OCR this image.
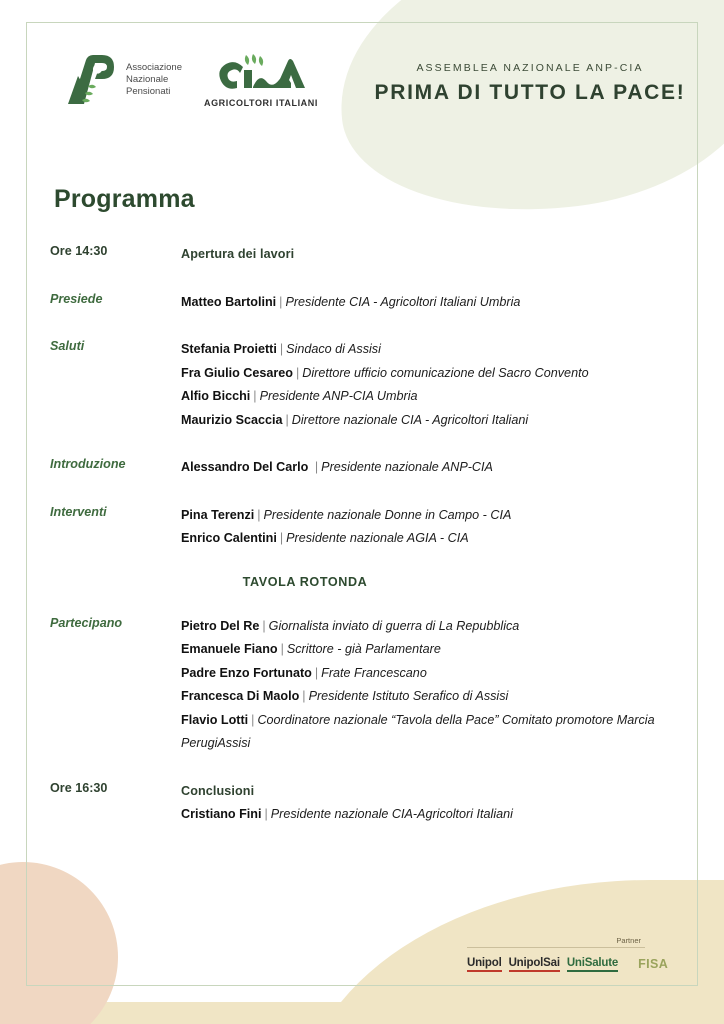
Associazione
Nazionale
Pensionati
AGRICOLTORI ITALIANI
ASSEMBLEA NAZIONALE ANP-CIA
PRIMA DI TUTTO LA PACE!
Programma
Ore 14:30	Apertura dei lavori
Presiede	Matteo Bartolini | Presidente CIA - Agricoltori Italiani Umbria
Saluti	Stefania Proietti | Sindaco di Assisi
Fra Giulio Cesareo | Direttore ufficio comunicazione del Sacro Convento
Alfio Bicchi | Presidente ANP-CIA Umbria
Maurizio Scaccia | Direttore nazionale CIA - Agricoltori Italiani
Introduzione	Alessandro Del Carlo | Presidente nazionale ANP-CIA
Interventi	Pina Terenzi | Presidente nazionale Donne in Campo - CIA
Enrico Calentini | Presidente nazionale AGIA - CIA
TAVOLA ROTONDA
Partecipano	Pietro Del Re | Giornalista inviato di guerra di La Repubblica
Emanuele Fiano | Scrittore - già Parlamentare
Padre Enzo Fortunato | Frate Francescano
Francesca Di Maolo | Presidente Istituto Serafico di Assisi
Flavio Lotti | Coordinatore nazionale “Tavola della Pace” Comitato promotore Marcia PerugiAssisi
Ore 16:30	Conclusioni
Cristiano Fini | Presidente nazionale CIA-Agricoltori Italiani
Partner
Unipol UnipolSai UniSalute FISA
